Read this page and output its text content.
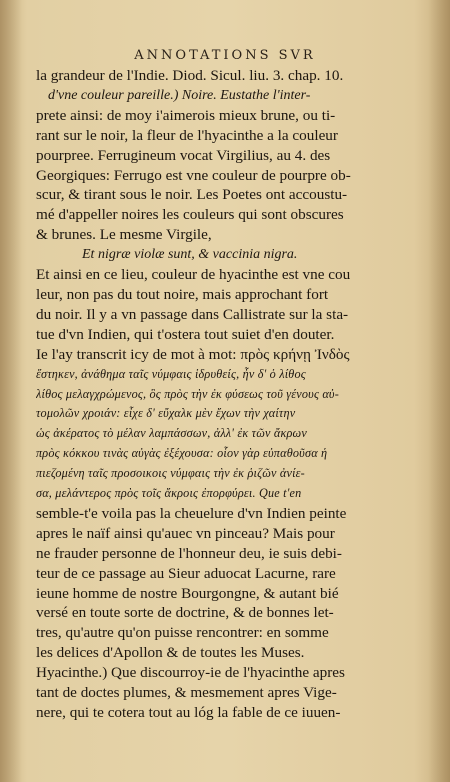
ANNOTATIONS SVR
la grandeur de l'Indie. Diod. Sicul. liu. 3. chap. 10.
d'vne couleur pareille.) Noire. Eustathe l'inter-
prete ainsi: de moy i'aimerois mieux brune, ou ti-
rant sur le noir, la fleur de l'hyacinthe a la couleur
pourpree. Ferrugineum vocat Virgilius, au 4. des
Georgiques: Ferrugo est vne couleur de pourpre ob-
scur, & tirant sous le noir. Les Poetes ont accoustu-
mé d'appeller noires les couleurs qui sont obscures
& brunes. Le mesme Virgile,
Et nigræ violæ sunt, & vaccinia nigra.
Et ainsi en ce lieu, couleur de hyacinthe est vne cou
leur, non pas du tout noire, mais approchant fort
du noir. Il y a vn passage dans Callistrate sur la sta-
tue d'vn Indien, qui t'ostera tout suiet d'en douter.
Ie l'ay transcrit icy de mot à mot: πρὸς κρήνῃ Ἰνδὸς
ἕστηκεν, ἀνάθημα ταῖς νύμφαις ἱδρυθείς, ἦν δ' ὁ λίθος
λίθος μελαγχρώμενος, ὃς πρὸς τὴν ἐκ φύσεως τοῦ γένους αὐ-
τομολῶν χροιάν: εἶχε δ' εὔχαλκ μὲν ἔχων τὴν χαίτην
ὡς ἀκέρατος τὸ μέλαν λαμπάσσων, ἀλλ' ἐκ τῶν ἄκρων
πρὸς κόκκου τινὰς αὐγὰς ἐξέχουσα: οἷον γὰρ εὐπαθοῦσα ἡ
πιεζομένη ταῖς προσοικοις νύμφαις τὴν ἐκ ῥιζῶν ἀνίε-
σα, μελάντερος πρὸς τοῖς ἄκροις ἐπορφύρει. Que t'en
semble-t'e voila pas la cheuelure d'vn Indien peinte
apres le naïf ainsi qu'auec vn pinceau? Mais pour
ne frauder personne de l'honneur deu, ie suis debi-
teur de ce passage au Sieur aduocat Lacurne, rare
ieune homme de nostre Bourgongne, & autant bié
versé en toute sorte de doctrine, & de bonnes let-
tres, qu'autre qu'on puisse rencontrer: en somme
les delices d'Apollon & de toutes les Muses.
Hyacinthe.) Que discourroy-ie de l'hyacinthe apres
tant de doctes plumes, & mesmement apres Vige-
nere, qui te cotera tout au lóg la fable de ce iuuen-
